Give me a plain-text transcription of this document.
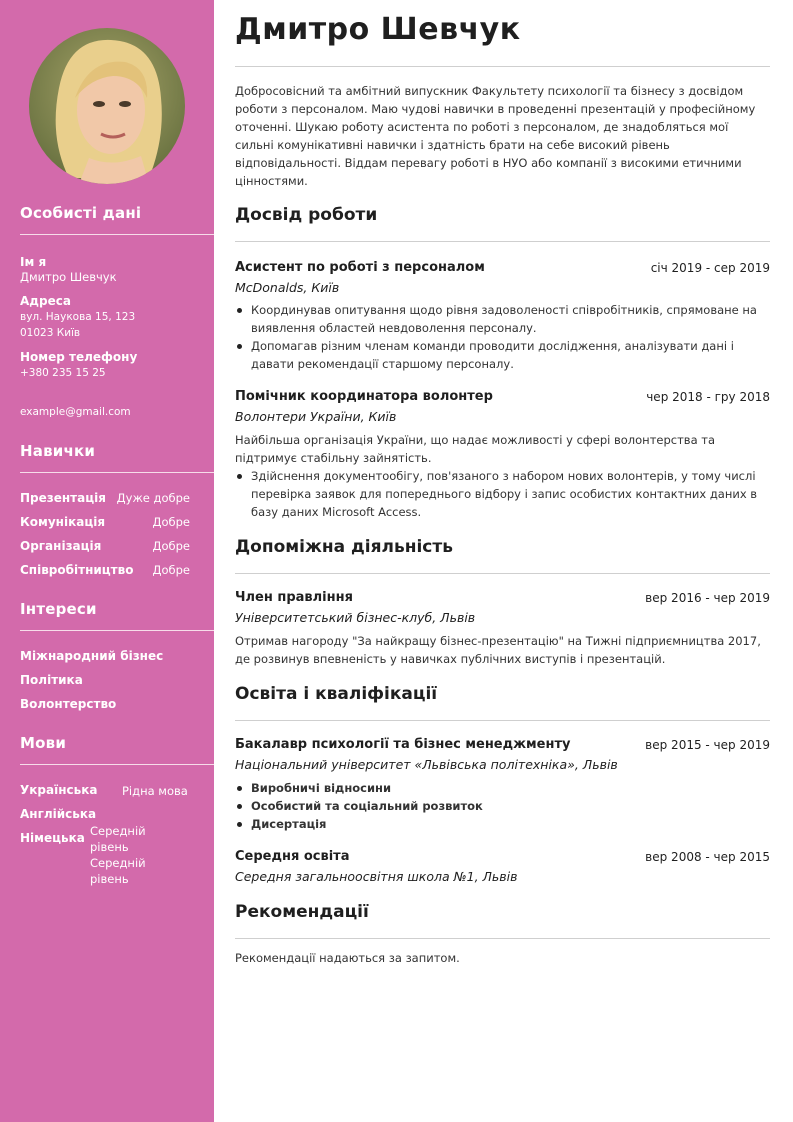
Особисті дані
Ім я
Дмитро Шевчук
Адреса
вул. Наукова 15, 123
01023 Київ
Номер телефону
+380 235 15 25
example@gmail.com
Навички
Презентація Дуже добре
Комунікація	Добре
Організація	Добре
Співробітництво Добре
Інтереси
Міжнародний бізнес
Політика
Волонтерство
Мови
Українська Рідна мова
Англійська
Середній рівень
Німецька
Середній рівень
Дмитро Шевчук
Добросовісний та амбітний випускник Факультету психології та бізнесу з досвідом роботи з персоналом. Маю чудові навички в проведенні презентацій у професійному оточенні. Шукаю роботу асистента по роботі з персоналом, де знадобляться мої сильні комунікативні навички і здатність брати на себе високий рівень відповідальності. Віддам перевагу роботі в НУО або компанії з високими етичними цінностями.
Досвід роботи
Асистент по роботі з персоналом	січ 2019 - сер 2019
McDonalds, Київ
Координував опитування щодо рівня задоволеності співробітників, спрямоване на виявлення областей невдоволення персоналу.
Допомагав різним членам команди проводити дослідження, аналізувати дані і давати рекомендації старшому персоналу.
Помічник координатора волонтер	чер 2018 - гру 2018
Волонтери України, Київ
Найбільша організація України, що надає можливості у сфері волонтерства та підтримує стабільну зайнятість.
Здійснення документообігу, пов'язаного з набором нових волонтерів, у тому числі перевірка заявок для попереднього відбору і запис особистих контактних даних в базу даних Microsoft Access.
Допоміжна діяльність
Член правління	вер 2016 - чер 2019
Університетський бізнес-клуб, Львів
Отримав нагороду "За найкращу бізнес-презентацію" на Тижні підприємництва 2017, де розвинув впевненість у навичках публічних виступів і презентацій.
Освіта і кваліфікації
Бакалавр психології та бізнес менеджменту	вер 2015 - чер 2019
Національний університет «Львівська політехніка», Львів
Виробничі відносини
Особистий та соціальний розвиток
Дисертація
Середня освіта	вер 2008 - чер 2015
Середня загальноосвітня школа №1, Львів
Рекомендації
Рекомендації надаються за запитом.
